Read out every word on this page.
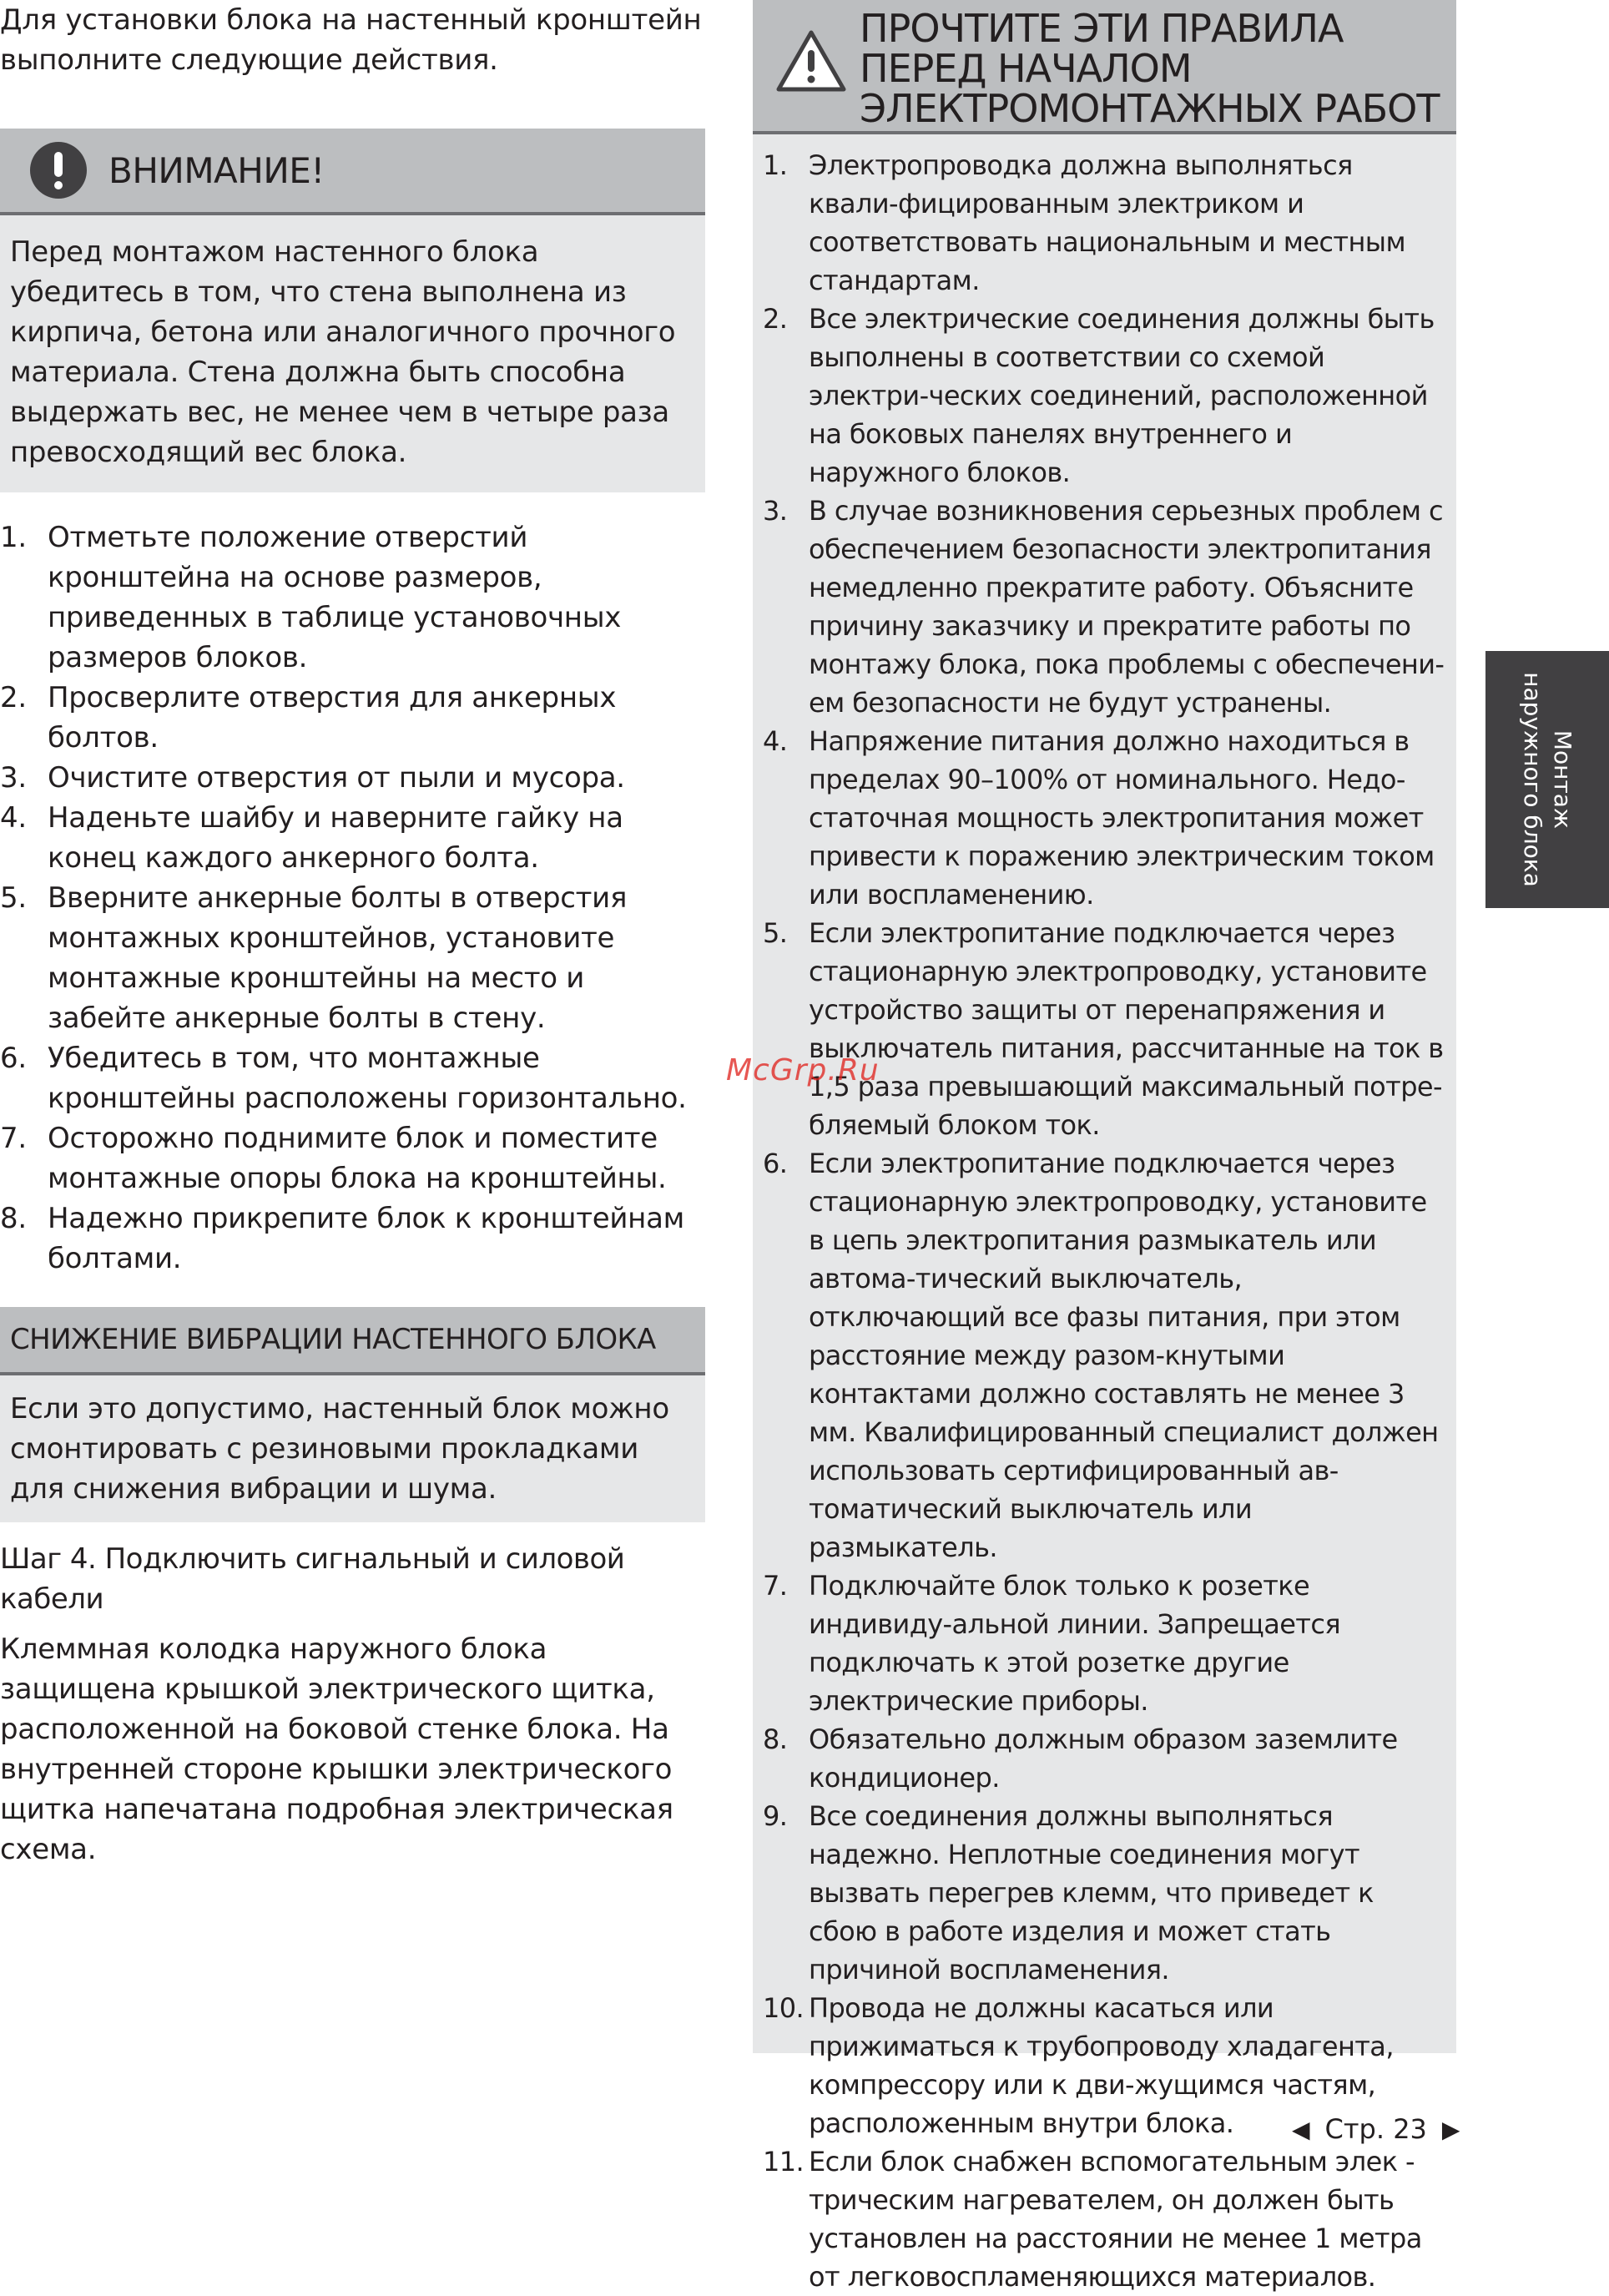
Для установки блока на настенный кронштейн выполните следующие действия.

ВНИМАНИЕ!
Перед монтажом настенного блока убедитесь в том, что стена выполнена из кирпича, бетона или аналогичного прочного материала. Стена должна быть способна выдержать вес, не менее чем в четыре раза превосходящий вес блока.
1. Отметьте положение отверстий кронштейна на основе размеров, приведенных в таблице установочных размеров блоков.
2. Просверлите отверстия для анкерных болтов.
3. Очистите отверстия от пыли и мусора.
4. Наденьте шайбу и наверните гайку на конец каждого анкерного болта.
5. Вверните анкерные болты в отверстия монтажных кронштейнов, установите монтажные кронштейны на место и забейте анкерные болты в стену.
6. Убедитесь в том, что монтажные кронштейны расположены горизонтально.
7. Осторожно поднимите блок и поместите монтажные опоры блока на кронштейны.
8. Надежно прикрепите блок к кронштейнам болтами.
СНИЖЕНИЕ ВИБРАЦИИ НАСТЕННОГО БЛОКА
Если это допустимо, настенный блок можно смонтировать с резиновыми прокладками для снижения вибрации и шума.
Шаг 4. Подключить сигнальный и силовой кабели
Клеммная колодка наружного блока защищена крышкой электрического щитка, расположенной на боковой стенке блока. На внутренней стороне крышки электрического щитка напечатана подробная электрическая схема.
ПРОЧТИТЕ ЭТИ ПРАВИЛА
ПЕРЕД НАЧАЛОМ
ЭЛЕКТРОМОНТАЖНЫХ РАБОТ
1. Электропроводка должна выполняться квали-фицированным электриком и соответствовать национальным и местным стандартам.
2. Все электрические соединения должны быть выполнены в соответствии со схемой электри-ческих соединений, расположенной на боковых панелях внутреннего и наружного блоков.
3. В случае возникновения серьезных проблем с обеспечением безопасности электропитания немедленно прекратите работу. Объясните причину заказчику и прекратите работы по монтажу блока, пока проблемы с обеспечени-ем безопасности не будут устранены.
4. Напряжение питания должно находиться в пределах 90–100% от номинального. Недо-статочная мощность электропитания может привести к поражению электрическим током или воспламенению.
5. Если электропитание подключается через стационарную электропроводку, установите устройство защиты от перенапряжения и выключатель питания, рассчитанные на ток в 1,5 раза превышающий максимальный потре-бляемый блоком ток.
6. Если электропитание подключается через стационарную электропроводку, установите в цепь электропитания размыкатель или автома-тический выключатель, отключающий все фазы питания, при этом расстояние между разом-кнутыми контактами должно составлять не менее 3 мм. Квалифицированный специалист должен использовать сертифицированный ав-томатический выключатель или размыкатель.
7. Подключайте блок только к розетке индивиду-альной линии. Запрещается подключать к этой розетке другие электрические приборы.
8. Обязательно должным образом заземлите кондиционер.
9. Все соединения должны выполняться надежно. Неплотные соединения могут вызвать перегрев клемм, что приведет к сбою в работе изделия и может стать причиной воспламенения.
10. Провода не должны касаться или прижиматься к трубопроводу хладагента, компрессору или к дви-жущимся частям, расположенным внутри блока.
11. Если блок снабжен вспомогательным элек - трическим нагревателем, он должен быть установлен на расстоянии не менее 1 метра от легковоспламеняющихся материалов.
Монтаж
наружного блока
McGrp.Ru
◀ Стр. 23 ▶
